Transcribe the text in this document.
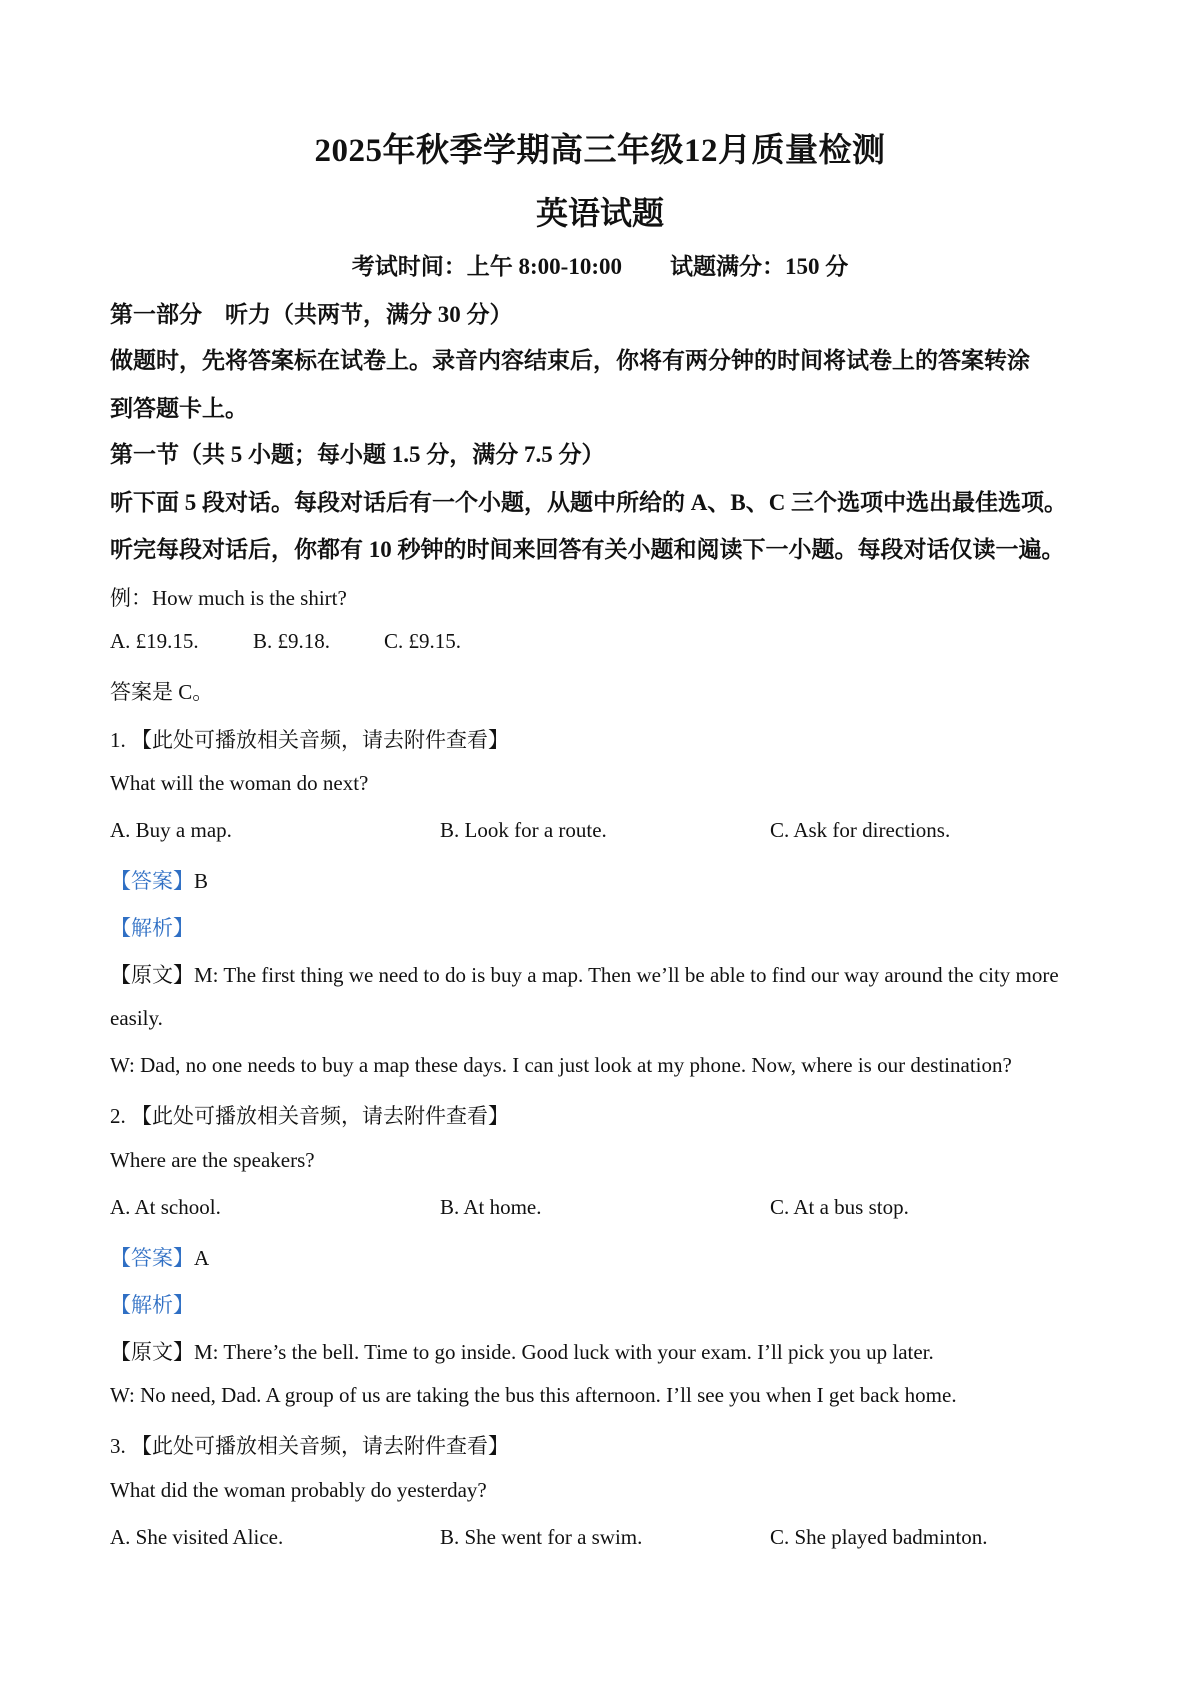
2025年秋季学期高三年级12月质量检测
英语试题
考试时间：上午 8:00-10:00 试题满分：150 分
第一部分　听力（共两节，满分 30 分）
做题时，先将答案标在试卷上。录音内容结束后，你将有两分钟的时间将试卷上的答案转涂
到答题卡上。
第一节（共 5 小题；每小题 1.5 分，满分 7.5 分）
听下面 5 段对话。每段对话后有一个小题，从题中所给的 A、B、C 三个选项中选出最佳选项。
听完每段对话后，你都有 10 秒钟的时间来回答有关小题和阅读下一小题。每段对话仅读一遍。
例：How much is the shirt?
A. £19.15.	B. £9.18.	C. £9.15.
答案是 C。
1. 【此处可播放相关音频，请去附件查看】
What will the woman do next?
A. Buy a map.	B. Look for a route.	C. Ask for directions.
【答案】B
【解析】
【原文】M: The first thing we need to do is buy a map. Then we’ll be able to find our way around the city more
easily.
W: Dad, no one needs to buy a map these days. I can just look at my phone. Now, where is our destination?
2. 【此处可播放相关音频，请去附件查看】
Where are the speakers?
A. At school.	B. At home.	C. At a bus stop.
【答案】A
【解析】
【原文】M: There’s the bell. Time to go inside. Good luck with your exam. I’ll pick you up later.
W: No need, Dad. A group of us are taking the bus this afternoon. I’ll see you when I get back home.
3. 【此处可播放相关音频，请去附件查看】
What did the woman probably do yesterday?
A. She visited Alice.	B. She went for a swim.	C. She played badminton.
